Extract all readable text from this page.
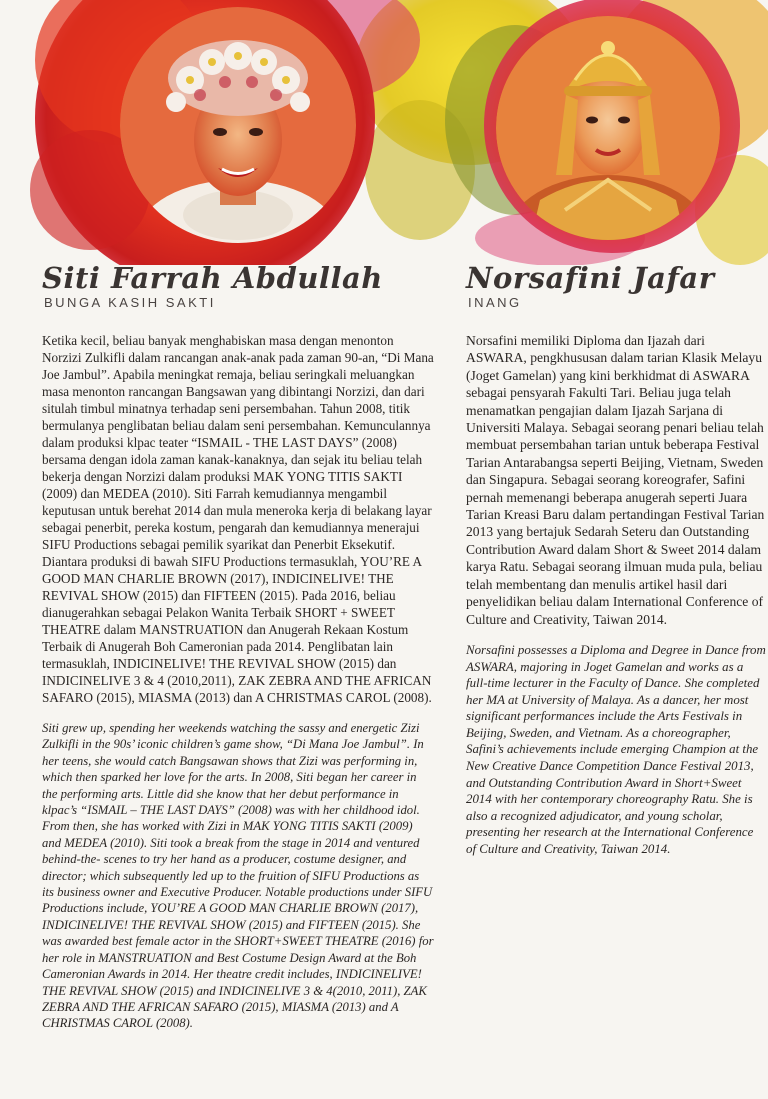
Siti Farrah Abdullah
BUNGA KASIH SAKTI

Ketika kecil, beliau banyak menghabiskan masa dengan menonton Norzizi Zulkifli dalam rancangan anak-anak pada zaman 90-an, “Di Mana Joe Jambul”. Apabila meningkat remaja, beliau seringkali meluangkan masa menonton rancangan Bangsawan yang dibintangi Norzizi, dan dari situlah timbul minatnya terhadap seni persembahan. Tahun 2008, titik bermulanya penglibatan beliau dalam seni persembahan. Kemunculannya dalam produksi klpac teater “ISMAIL - THE LAST DAYS” (2008) bersama dengan idola zaman kanak-kanaknya, dan sejak itu beliau telah bekerja dengan Norzizi dalam produksi MAK YONG TITIS SAKTI (2009) dan MEDEA (2010). Siti Farrah kemudiannya mengambil keputusan untuk berehat 2014 dan mula meneroka kerja di belakang layar sebagai penerbit, pereka kostum, pengarah dan kemudiannya menerajui SIFU Productions sebagai pemilik syarikat dan Penerbit Eksekutif. Diantara produksi di bawah SIFU Productions termasuklah, YOU’RE A GOOD MAN CHARLIE BROWN (2017), INDICINELIVE! THE REVIVAL SHOW (2015) dan FIFTEEN (2015). Pada 2016, beliau dianugerahkan sebagai Pelakon Wanita Terbaik SHORT + SWEET THEATRE dalam MANSTRUATION dan Anugerah Rekaan Kostum Terbaik di Anugerah Boh Cameronian pada 2014. Penglibatan lain termasuklah, INDICINELIVE! THE REVIVAL SHOW (2015) dan INDICINELIVE 3 & 4 (2010,2011), ZAK ZEBRA AND THE AFRICAN SAFARO (2015), MIASMA (2013) dan A CHRISTMAS CAROL (2008).

Siti grew up, spending her weekends watching the sassy and energetic Zizi Zulkifli in the 90s’ iconic children’s game show, “Di Mana Joe Jambul”. In her teens, she would catch Bangsawan shows that Zizi was performing in, which then sparked her love for the arts. In 2008, Siti began her career in the performing arts. Little did she know that her debut performance in klpac’s “ISMAIL – THE LAST DAYS” (2008) was with her childhood idol. From then, she has worked with Zizi in MAK YONG TITIS SAKTI (2009) and MEDEA (2010). Siti took a break from the stage in 2014 and ventured behind-the- scenes to try her hand as a producer, costume designer, and director; which subsequently led up to the fruition of SIFU Productions as its business owner and Executive Producer. Notable productions under SIFU Productions include, YOU’RE A GOOD MAN CHARLIE BROWN (2017), INDICINELIVE! THE REVIVAL SHOW (2015) and FIFTEEN (2015). She was awarded best female actor in the SHORT+SWEET THEATRE (2016) for her role in MANSTRUATION and Best Costume Design Award at the Boh Cameronian Awards in 2014. Her theatre credit includes, INDICINELIVE! THE REVIVAL SHOW (2015) and INDICINELIVE 3 & 4(2010, 2011), ZAK ZEBRA AND THE AFRICAN SAFARO (2015), MIASMA (2013) and A CHRISTMAS CAROL (2008).

Norsafini Jafar
INANG

Norsafini memiliki Diploma dan Ijazah dari ASWARA, pengkhususan dalam tarian Klasik Melayu (Joget Gamelan) yang kini berkhidmat di ASWARA sebagai pensyarah Fakulti Tari. Beliau juga telah menamatkan pengajian dalam Ijazah Sarjana di Universiti Malaya. Sebagai seorang penari beliau telah membuat persembahan tarian untuk beberapa Festival Tarian Antarabangsa seperti Beijing, Vietnam, Sweden dan Singapura. Sebagai seorang koreografer, Safini pernah memenangi beberapa anugerah seperti Juara Tarian Kreasi Baru dalam pertandingan Festival Tarian 2013 yang bertajuk Sedarah Seteru dan Outstanding Contribution Award dalam Short & Sweet 2014 dalam karya Ratu. Sebagai seorang ilmuan muda pula, beliau telah membentang dan menulis artikel hasil dari penyelidikan beliau dalam International Conference of Culture and Creativity, Taiwan 2014.

Norsafini possesses a Diploma and Degree in Dance from ASWARA, majoring in Joget Gamelan and works as a full-time lecturer in the Faculty of Dance. She completed her MA at University of Malaya. As a dancer, her most significant performances include the Arts Festivals in Beijing, Sweden, and Vietnam. As a choreographer, Safini’s achievements include emerging Champion at the New Creative Dance Competition Dance Festival 2013, and Outstanding Contribution Award in Short+Sweet 2014 with her contemporary choreography Ratu. She is also a recognized adjudicator, and young scholar, presenting her research at the International Conference of Culture and Creativity, Taiwan 2014.
